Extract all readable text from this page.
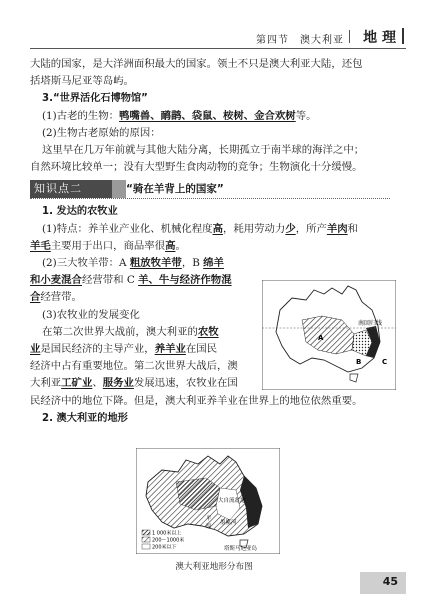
第四节　澳大利亚 地 理
大陆的国家，是大洋洲面积最大的国家。领土不只是澳大利亚大陆，还包
括塔斯马尼亚等岛屿。
3.“世界活化石博物馆”
(1)古老的生物：鸭嘴兽、鸸鹋、袋鼠、桉树、金合欢树等。
(2)生物古老原始的原因：
这里早在几万年前就与其他大陆分离，长期孤立于南半球的海洋之中；
自然环境比较单一；没有大型野生食肉动物的竞争；生物演化十分缓慢。
知识点二	“骑在羊背上的国家”
1. 发达的农牧业
(1)特点：养羊业产业化、机械化程度高，耗用劳动力少，所产羊肉和
羊毛主要用于出口，商品率很高。
(2)三大牧羊带：A 粗放牧羊带，B 绵羊
和小麦混合经营带和 C 羊、牛与经济作物混
合经营带。
(3)农牧业的发展变化
在第二次世界大战前，澳大利亚的农牧
业是国民经济的主导产业，养羊业在国民
经济中占有重要地位。第二次世界大战后，澳
大利亚工矿业、服务业发展迅速，农牧业在国
民经济中的地位下降。但是，澳大利亚养羊业在世界上的地位依然重要。
2. 澳大利亚的地形
南回归线
A
B	C
大自流盆地
平
原
墨累河
塔斯马尼亚岛
1 000米以上
200～1000米
200米以下
澳大利亚地形分布图
45
